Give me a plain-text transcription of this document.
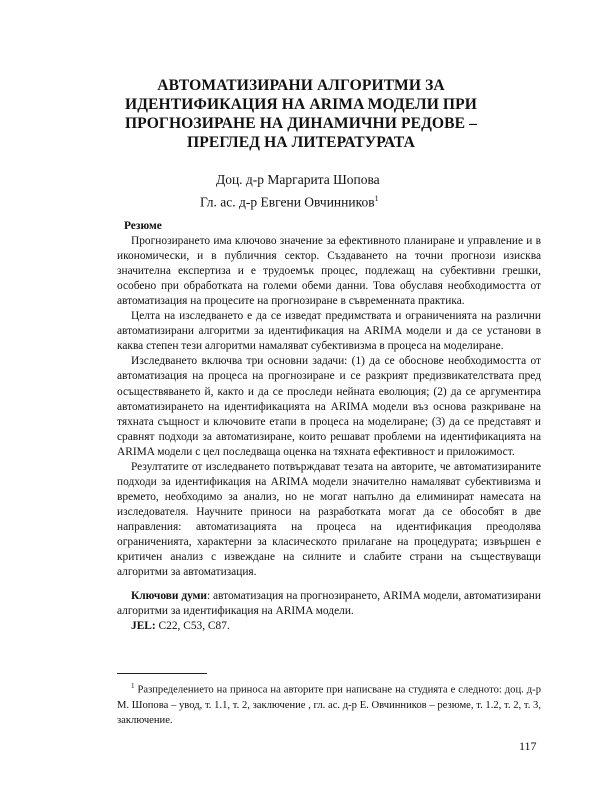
АВТОМАТИЗИРАНИ АЛГОРИТМИ ЗА ИДЕНТИФИКАЦИЯ НА ARIMA МОДЕЛИ ПРИ ПРОГНОЗИРАНЕ НА ДИНАМИЧНИ РЕДОВЕ – ПРЕГЛЕД НА ЛИТЕРАТУРАТА
Доц. д-р Маргарита Шопова
Гл. ас. д-р Евгени Овчинников$^1$

Резюме

Прогнозирането има ключово значение за ефективното планиране и управление и в икономически, и в публичния сектор. Създаването на точни прогнози изисква значителна експертиза и е трудоемък процес, подлежащ на субективни грешки, особено при обработката на големи обеми данни. Това обуславя необходимостта от автоматизация на процесите на прогнозиране в съвременната практика.

Целта на изследването е да се изведат предимствата и ограниченията на различни автоматизирани алгоритми за идентификация на ARIMA модели и да се установи в каква степен тези алгоритми намаляват субективизма в процеса на моделиране.

Изследването включва три основни задачи: (1) да се обоснове необходимостта от автоматизация на процеса на прогнозиране и се разкрият предизвикателствата пред осъществяването й, както и да се проследи нейната еволюция; (2) да се аргументира автоматизирането на идентификацията на ARIMA модели въз основа разкриване на тяхната същност и ключовите етапи в процеса на моделиране; (3) да се представят и сравнят подходи за автоматизиране, които решават проблеми на идентификацията на ARIMA модели с цел последваща оценка на тяхната ефективност и приложимост.

Резултатите от изследването потвърждават тезата на авторите, че автоматизираните подходи за идентификация на ARIMA модели значително намаляват субективизма и времето, необходимо за анализ, но не могат напълно да елиминират намесата на изследователя. Научните приноси на разработката могат да се обособят в две направления: автоматизацията на процеса на идентификация преодолява ограниченията, характерни за класическото прилагане на процедурата; извършен е критичен анализ с извеждане на силните и слабите страни на съществуващи алгоритми за автоматизация.

Ключови думи: автоматизация на прогнозирането, ARIMA модели, автоматизирани алгоритми за идентификация на ARIMA модели.

JEL: C22, C53, C87.

$^1$ Разпределението на приноса на авторите при написване на студията е следното: доц. д-р М. Шопова – увод, т. 1.1, т. 2, заключение , гл. ас. д-р Е. Овчинников – резюме, т. 1.2, т. 2, т. 3, заключение.

117
